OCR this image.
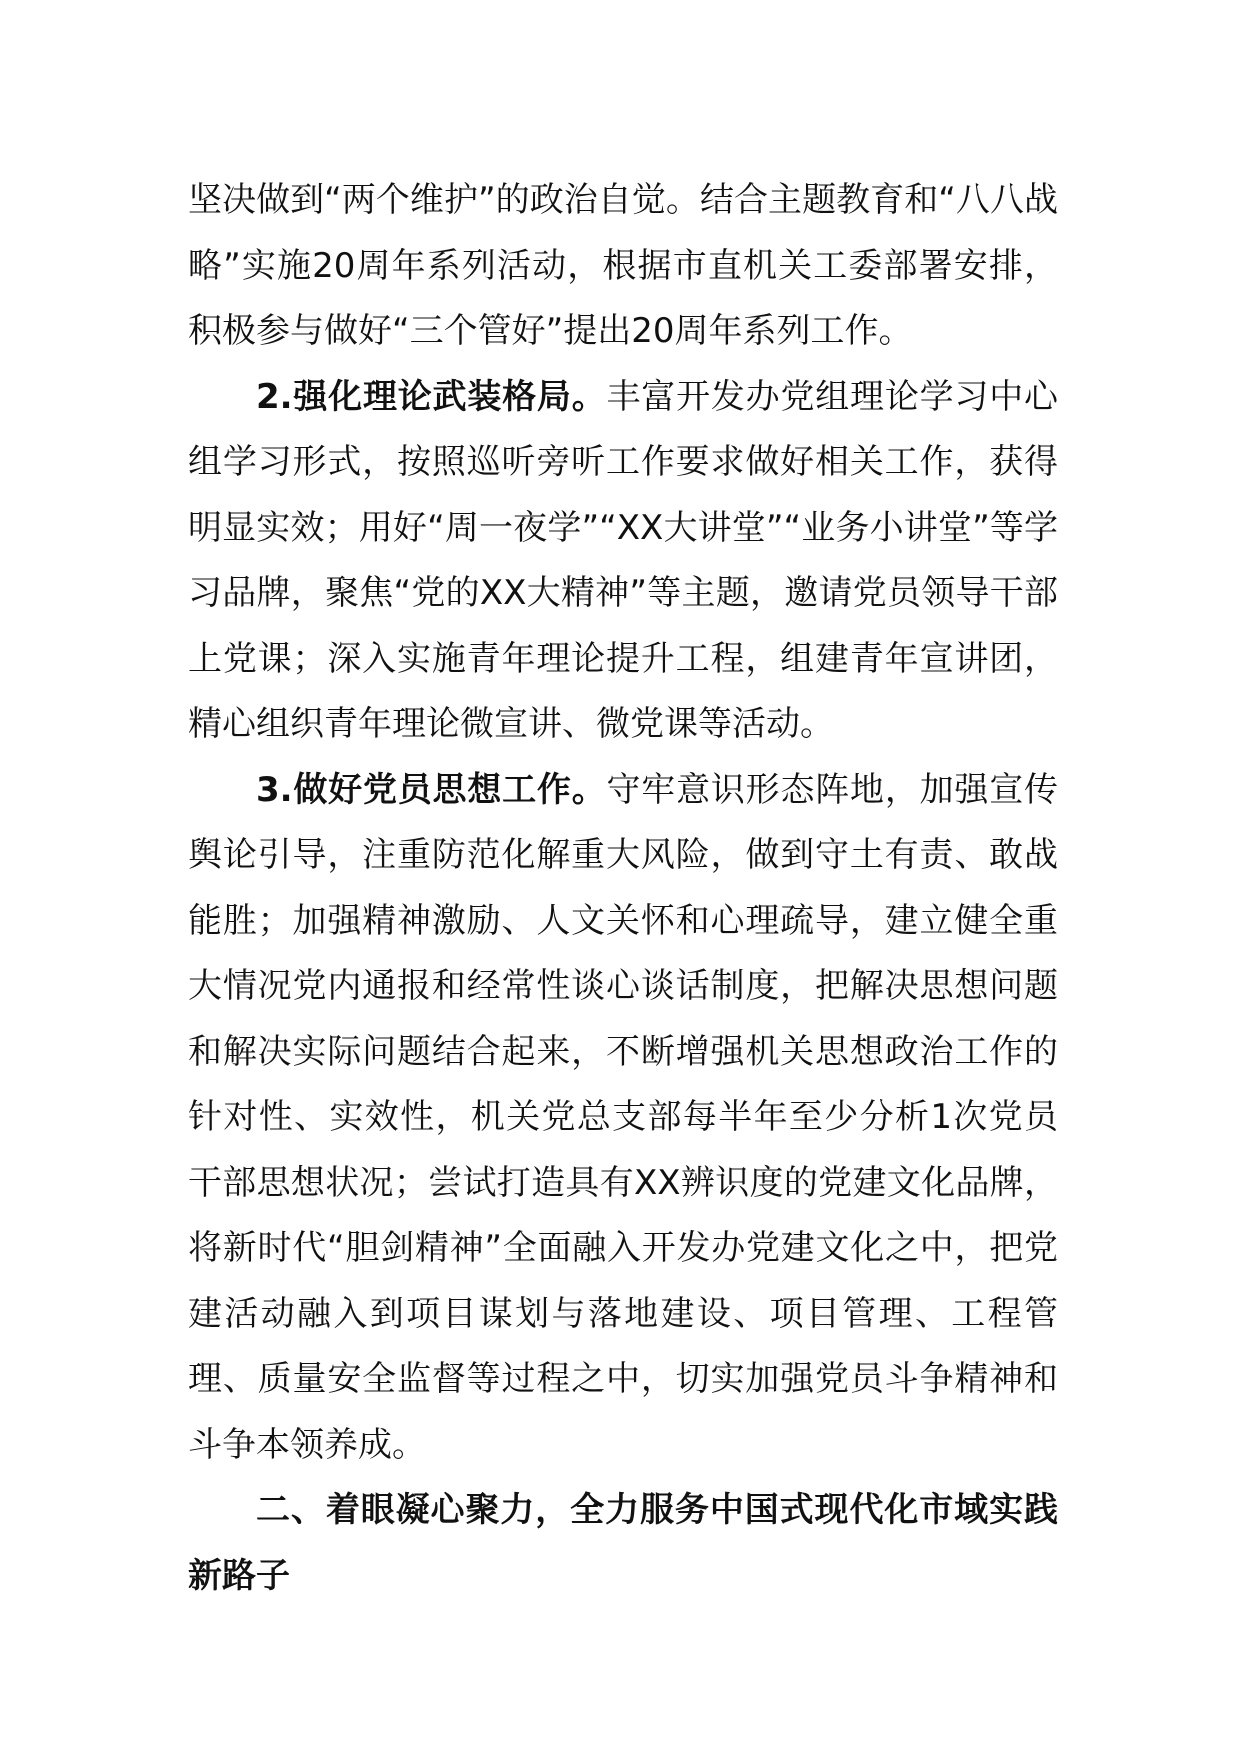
坚决做到“两个维护”的政治自觉。结合主题教育和“八八战略”实施20周年系列活动，根据市直机关工委部署安排，积极参与做好“三个管好”提出20周年系列工作。

2.强化理论武装格局。丰富开发办党组理论学习中心组学习形式，按照巡听旁听工作要求做好相关工作，获得明显实效；用好“周一夜学”“XX大讲堂”“业务小讲堂”等学习品牌，聚焦“党的XX大精神”等主题，邀请党员领导干部上党课；深入实施青年理论提升工程，组建青年宣讲团，精心组织青年理论微宣讲、微党课等活动。

3.做好党员思想工作。守牢意识形态阵地，加强宣传舆论引导，注重防范化解重大风险，做到守土有责、敢战能胜；加强精神激励、人文关怀和心理疏导，建立健全重大情况党内通报和经常性谈心谈话制度，把解决思想问题和解决实际问题结合起来，不断增强机关思想政治工作的针对性、实效性，机关党总支部每半年至少分析1次党员干部思想状况；尝试打造具有XX辨识度的党建文化品牌，将新时代“胆剑精神”全面融入开发办党建文化之中，把党建活动融入到项目谋划与落地建设、项目管理、工程管理、质量安全监督等过程之中，切实加强党员斗争精神和斗争本领养成。

二、着眼凝心聚力，全力服务中国式现代化市域实践新路子
